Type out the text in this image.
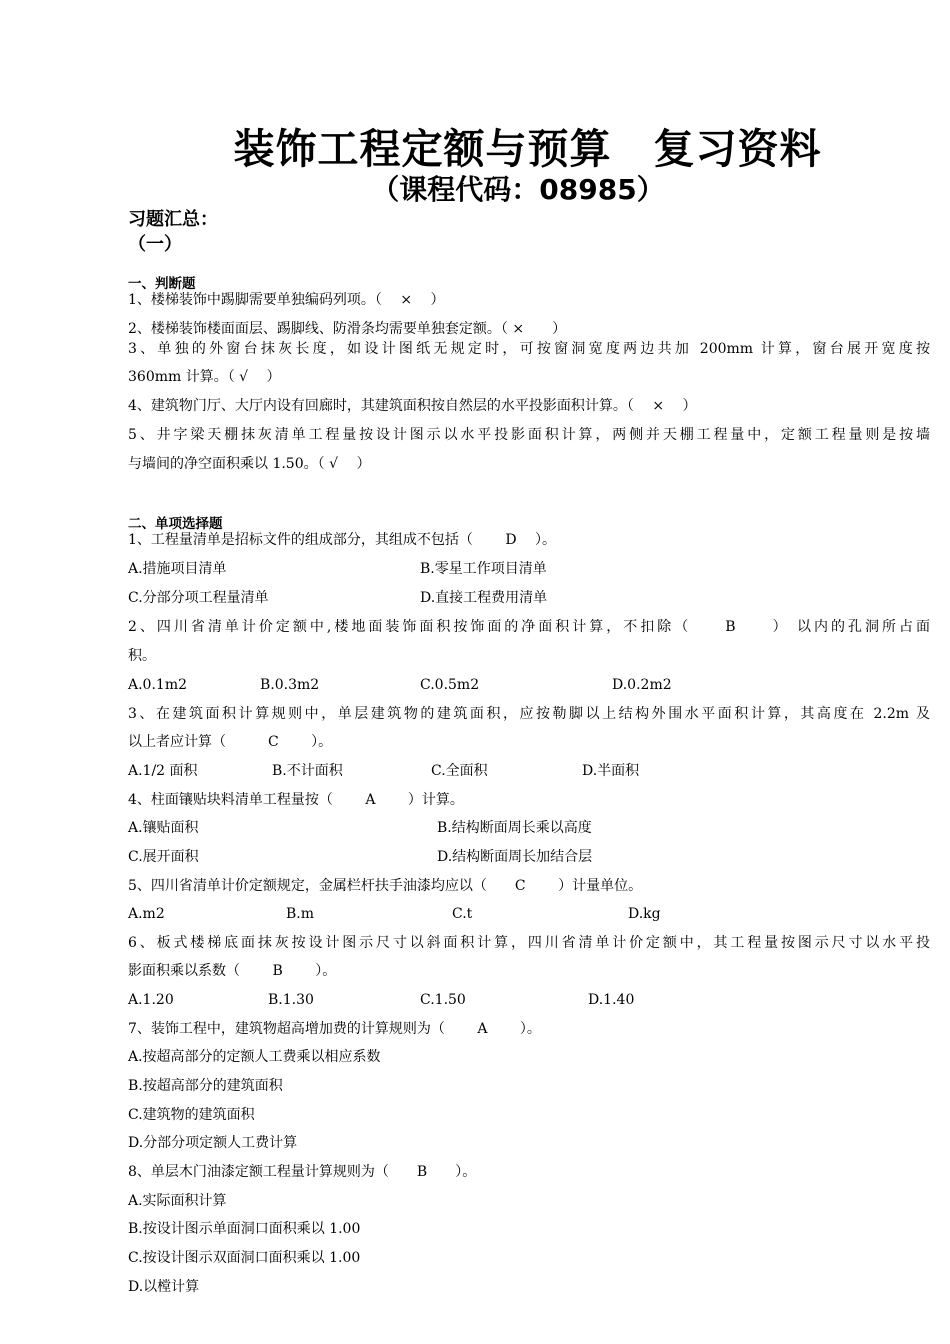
装饰工程定额与预算　复习资料
（课程代码：08985）
习题汇总：
（一）
一、判断题
1、楼梯装饰中踢脚需要单独编码列项。（　 ×　 ）
2、楼梯装饰楼面面层、踢脚线、防滑条均需要单独套定额。（ ×　　）
3、单独的外窗台抹灰长度，如设计图纸无规定时，可按窗洞宽度两边共加 200mm 计算，窗台展开宽度按
360mm 计算。（ √　 ）
4、建筑物门厅、大厅内设有回廊时，其建筑面积按自然层的水平投影面积计算。（　 ×　 ）
5、井字梁天棚抹灰清单工程量按设计图示以水平投影面积计算，两侧并天棚工程量中，定额工程量则是按墙
与墙间的净空面积乘以 1.50。（ √　 ）
二、单项选择题
1、工程量清单是招标文件的组成部分，其组成不包括（　　 D　 ）。
A.措施项目清单	B.零星工作项目清单
C.分部分项工程量清单	D.直接工程费用清单
2、四川省清单计价定额中,楼地面装饰面积按饰面的净面积计算，不扣除（　　B　　） 以内的孔洞所占面
积。
A.0.1m2	B.0.3m2	C.0.5m2	D.0.2m2
3、在建筑面积计算规则中，单层建筑物的建筑面积，应按勒脚以上结构外围水平面积计算，其高度在 2.2m 及
以上者应计算（　　　C　　 ）。
A.1/2 面积	B.不计面积	C.全面积	D.半面积
4、柱面镶贴块料清单工程量按（　　 A　　 ）计算。
A.镶贴面积	B.结构断面周长乘以高度
C.展开面积	D.结构断面周长加结合层
5、四川省清单计价定额规定，金属栏杆扶手油漆均应以（　　C　　 ）计量单位。
A.m2	B.m	C.t	D.kg
6、板式楼梯底面抹灰按设计图示尺寸以斜面积计算，四川省清单计价定额中，其工程量按图示尺寸以水平投
影面积乘以系数（　　 B　　 ）。
A.1.20	B.1.30	C.1.50	D.1.40
7、装饰工程中，建筑物超高增加费的计算规则为（　　 A　　 ）。
A.按超高部分的定额人工费乘以相应系数
B.按超高部分的建筑面积
C.建筑物的建筑面积
D.分部分项定额人工费计算
8、单层木门油漆定额工程量计算规则为（　　B　　）。
A.实际面积计算
B.按设计图示单面洞口面积乘以 1.00
C.按设计图示双面洞口面积乘以 1.00
D.以樘计算
